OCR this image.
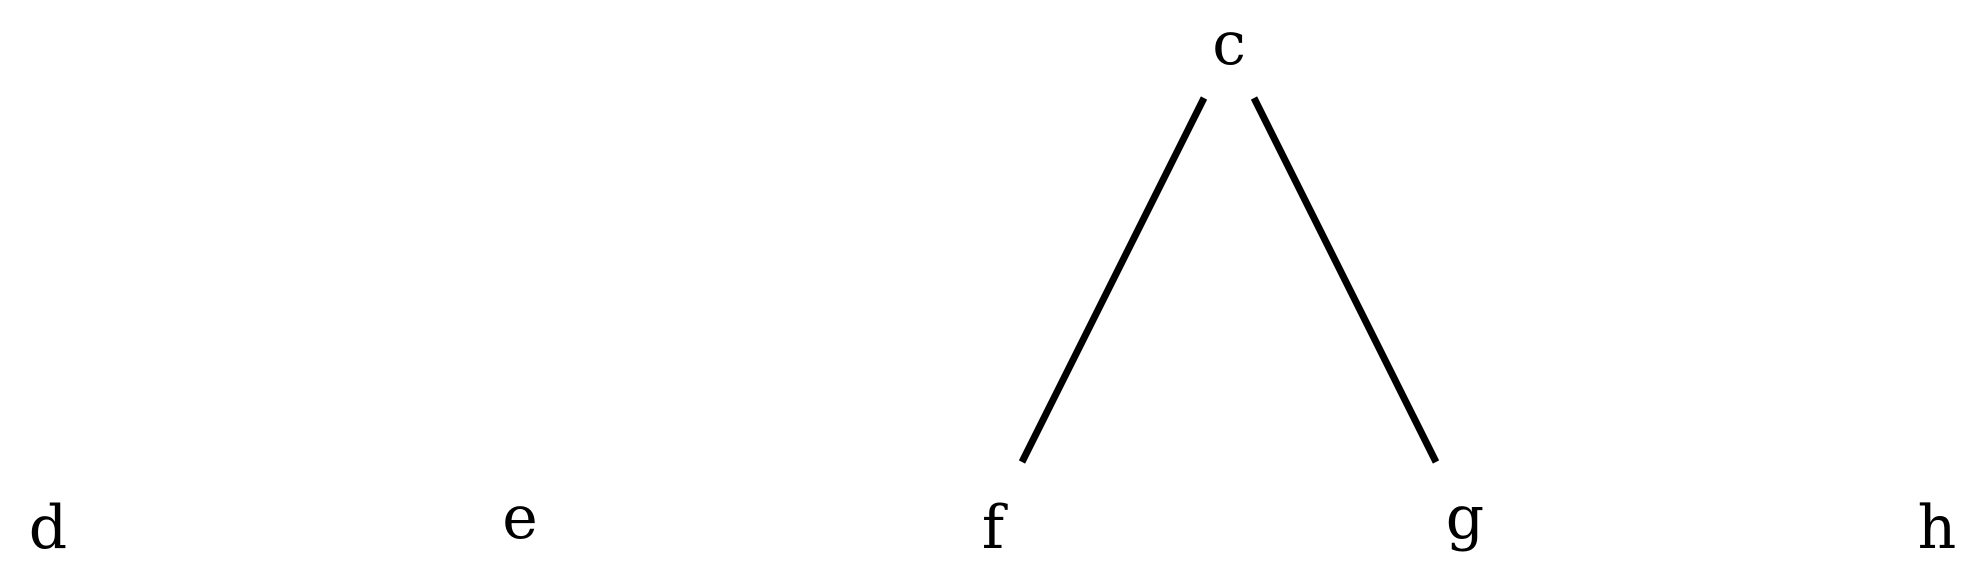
c
d	e	f	g	h
